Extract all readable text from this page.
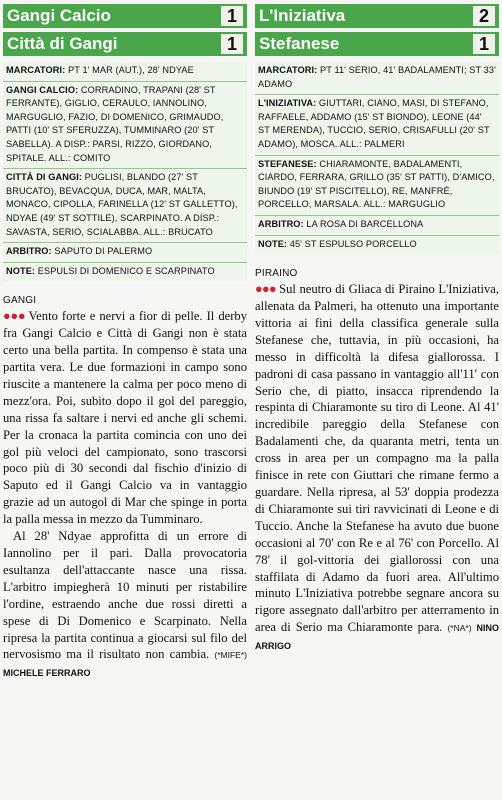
Gangi Calcio	1
Città di Gangi	1
MARCATORI: PT 1' MAR (AUT.), 28' NDYAE
GANGI CALCIO: CORRADINO, TRAPANI (28' ST FERRANTE), GIGLIO, CERAULO, IANNOLINO, MARGUGLIO, FAZIO, DI DOMENICO, GRIMAUDO, PATTI (10' ST SFERUZZA), TUMMINARO (20' ST SABELLA). A DISP.: PARSI, RIZZO, GIORDANO, SPITALE. ALL.: COMITO
CITTÀ DI GANGI: PUGLISI, BLANDO (27' ST BRUCATO), BEVACQUA, DUCA, MAR, MALTA, MONACO, CIPOLLA, FARINELLA (12' ST GALLETTO), NDYAE (49' ST SOTTILE), SCARPINATO. A DISP.: SAVASTA, SERIO, SCIALABBA. ALL.: BRUCATO
ARBITRO: SAPUTO DI PALERMO
NOTE: ESPULSI DI DOMENICO E SCARPINATO
GANGI

●●● Vento forte e nervi a fior di pelle. Il derby fra Gangi Calcio e Città di Gangi non è stata certo una bella partita. In compenso è stata una partita vera. Le due formazioni in campo sono riuscite a mantenere la calma per poco meno di mezz'ora. Poi, subito dopo il gol del pareggio, una rissa fa saltare i nervi ed anche gli schemi. Per la cronaca la partita comincia con uno dei gol più veloci del campionato, sono trascorsi poco più di 30 secondi dal fischio d'inizio di Saputo ed il Gangi Calcio va in vantaggio grazie ad un autogol di Mar che spinge in porta la palla messa in mezzo da Tumminaro.

Al 28' Ndyae approfitta di un errore di Iannolino per il pari. Dalla provocatoria esultanza dell'attaccante nasce una rissa. L'arbitro impiegherà 10 minuti per ristabilire l'ordine, estraendo anche due rossi diretti a spese di Di Domenico e Scarpinato. Nella ripresa la partita continua a giocarsi sul filo del nervosismo ma il risultato non cambia. (*MIFE*) MICHELE FERRARO

L'Iniziativa	2
Stefanese	1
MARCATORI: PT 11' SERIO, 41' BADALAMENTI; ST 33' ADAMO
L'INIZIATIVA: GIUTTARI, CIANO, MASI, DI STEFANO, RAFFAELE, ADDAMO (15' ST BIONDO), LEONE (44' ST MERENDA), TUCCIO, SERIO, CRISAFULLI (20' ST ADAMO), MOSCA. ALL.: PALMERI
STEFANESE: CHIARAMONTE, BADALAMENTI, CIARDO, FERRARA, GRILLO (35' ST PATTI), D'AMICO, BIUNDO (19' ST PISCITELLO), RE, MANFRÈ, PORCELLO, MARSALA. ALL.: MARGUGLIO
ARBITRO: LA ROSA DI BARCELLONA
NOTE: 45' ST ESPULSO PORCELLO
PIRAINO

●●● Sul neutro di Gliaca di Piraino L'Iniziativa, allenata da Palmeri, ha ottenuto una importante vittoria ai fini della classifica generale sulla Stefanese che, tuttavia, in più occasioni, ha messo in difficoltà la difesa giallorossa. I padroni di casa passano in vantaggio all'11' con Serio che, di piatto, insacca riprendendo la respinta di Chiaramonte su tiro di Leone. Al 41' incredibile pareggio della Stefanese con Badalamenti che, da quaranta metri, tenta un cross in area per un compagno ma la palla finisce in rete con Giuttari che rimane fermo a guardare. Nella ripresa, al 53' doppia prodezza di Chiaramonte sui tiri ravvicinati di Leone e di Tuccio. Anche la Stefanese ha avuto due buone occasioni al 70' con Re e al 76' con Porcello. Al 78' il gol-vittoria dei giallorossi con una staffilata di Adamo da fuori area. All'ultimo minuto L'Iniziativa potrebbe segnare ancora su rigore assegnato dall'arbitro per atterramento in area di Serio ma Chiaramonte para. (*NA*) NINO ARRIGO
